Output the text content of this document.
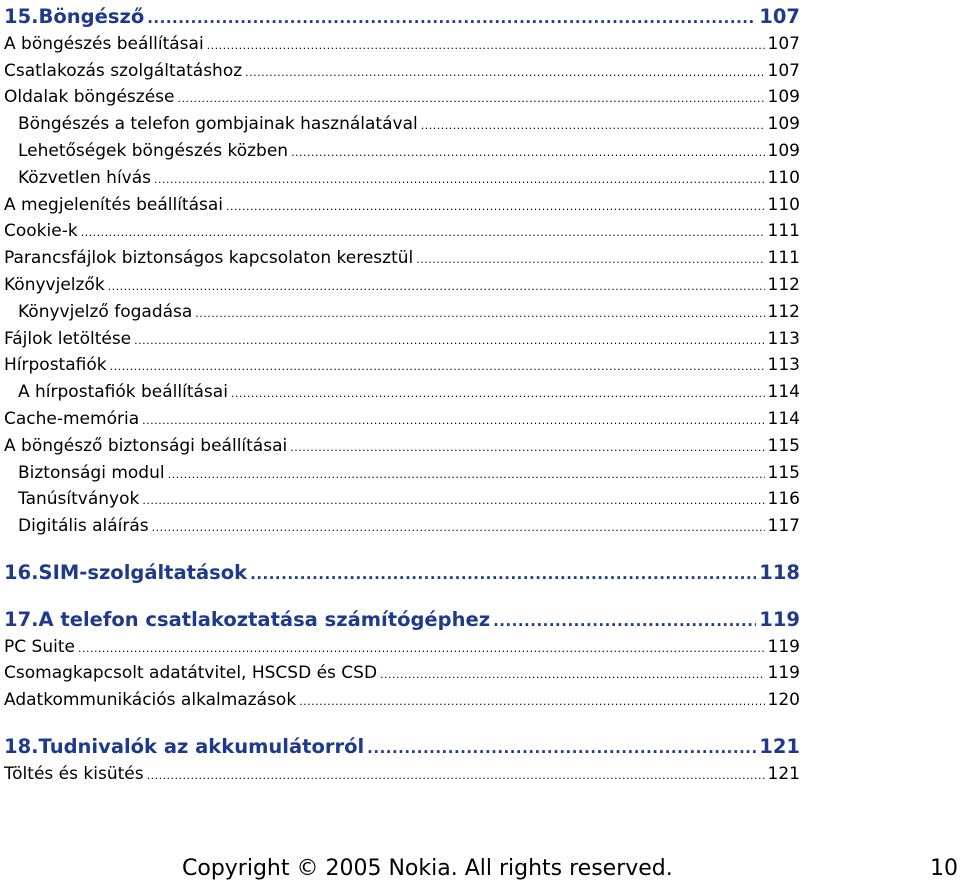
15.Böngésző .....	107
A böngészés beállításai .....	107
Csatlakozás szolgáltatáshoz .....	107
Oldalak böngészése .....	109
Böngészés a telefon gombjainak használatával .....	109
Lehetőségek böngészés közben .....	109
Közvetlen hívás .....	110
A megjelenítés beállításai .....	110
Cookie-k .....	111
Parancsfájlok biztonságos kapcsolaton keresztül .....	111
Könyvjelzők .....	112
Könyvjelző fogadása .....	112
Fájlok letöltése .....	113
Hírpostafiók .....	113
A hírpostafiók beállításai .....	114
Cache-memória .....	114
A böngésző biztonsági beállításai .....	115
Biztonsági modul .....	115
Tanúsítványok .....	116
Digitális aláírás .....	117
16.SIM-szolgáltatások .....	118
17.A telefon csatlakoztatása számítógéphez .....	119
PC Suite .....	119
Csomagkapcsolt adatátvitel, HSCSD és CSD .....	119
Adatkommunikációs alkalmazások .....	120
18.Tudnivalók az akkumulátorról .....	121
Töltés és kisütés .....	121
Copyright © 2005 Nokia. All rights reserved.	10
